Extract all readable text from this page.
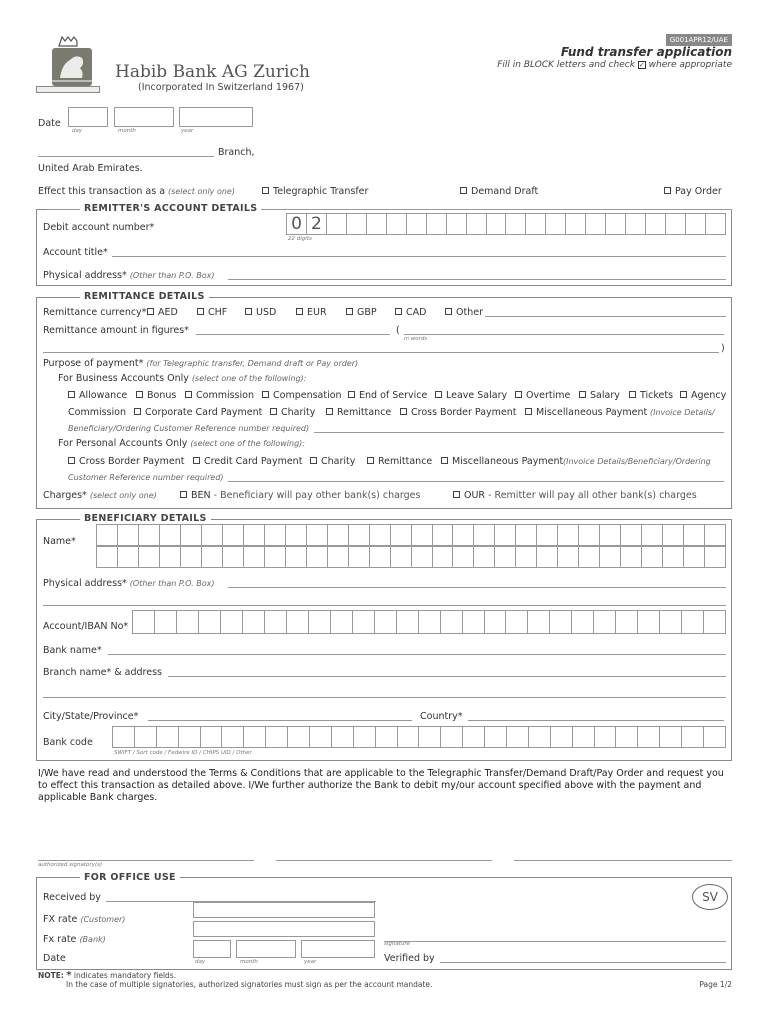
Habib Bank AG Zurich
(Incorporated In Switzerland 1967)
G001APR12/UAE
Fund transfer application
Fill in BLOCK letters and check ✓ where appropriate
Date
day	month	year
Branch,
United Arab Emirates.
Effect this transaction as a (select only one)	Telegraphic Transfer	Demand Draft	Pay Order
REMITTER'S ACCOUNT DETAILS
Debit account number*	0 2
22 digits
Account title*
Physical address* (Other than P.O. Box)
REMITTANCE DETAILS
Remittance currency*	AED	CHF	USD	EUR	GBP	CAD	Other
Remittance amount in figures*	(
in words
)
Purpose of payment* (for Telegraphic transfer, Demand draft or Pay order)
For Business Accounts Only (select one of the following):
Allowance	Bonus	Commission	Compensation	End of Service	Leave Salary	Overtime	Salary	Tickets	Agency
Commission	Corporate Card Payment	Charity	Remittance	Cross Border Payment	Miscellaneous Payment (Invoice Details/
Beneficiary/Ordering Customer Reference number required)
For Personal Accounts Only (select one of the following):
Cross Border Payment	Credit Card Payment	Charity	Remittance	Miscellaneous Payment (Invoice Details/Beneficiary/Ordering
Customer Reference number required)
Charges* (select only one)	BEN - Beneficiary will pay other bank(s) charges	OUR - Remitter will pay all other bank(s) charges
BENEFICIARY DETAILS
Name*
Physical address* (Other than P.O. Box)
Account/IBAN No*
Bank name*
Branch name* & address
City/State/Province*	Country*
Bank code
SWIFT / Sort code / Fedwire ID / CHIPS UID / Other
I/We have read and understood the Terms & Conditions that are applicable to the Telegraphic Transfer/Demand Draft/Pay Order and request you to effect this transaction as detailed above. I/We further authorize the Bank to debit my/our account specified above with the payment and applicable Bank charges.
authorized signatory(s)
FOR OFFICE USE
Received by	SV
FX rate (Customer)
Fx rate (Bank)
Date	day	month	year
signature
Verified by
NOTE: * indicates mandatory fields.
In the case of multiple signatories, authorized signatories must sign as per the account mandate.	Page 1/2
